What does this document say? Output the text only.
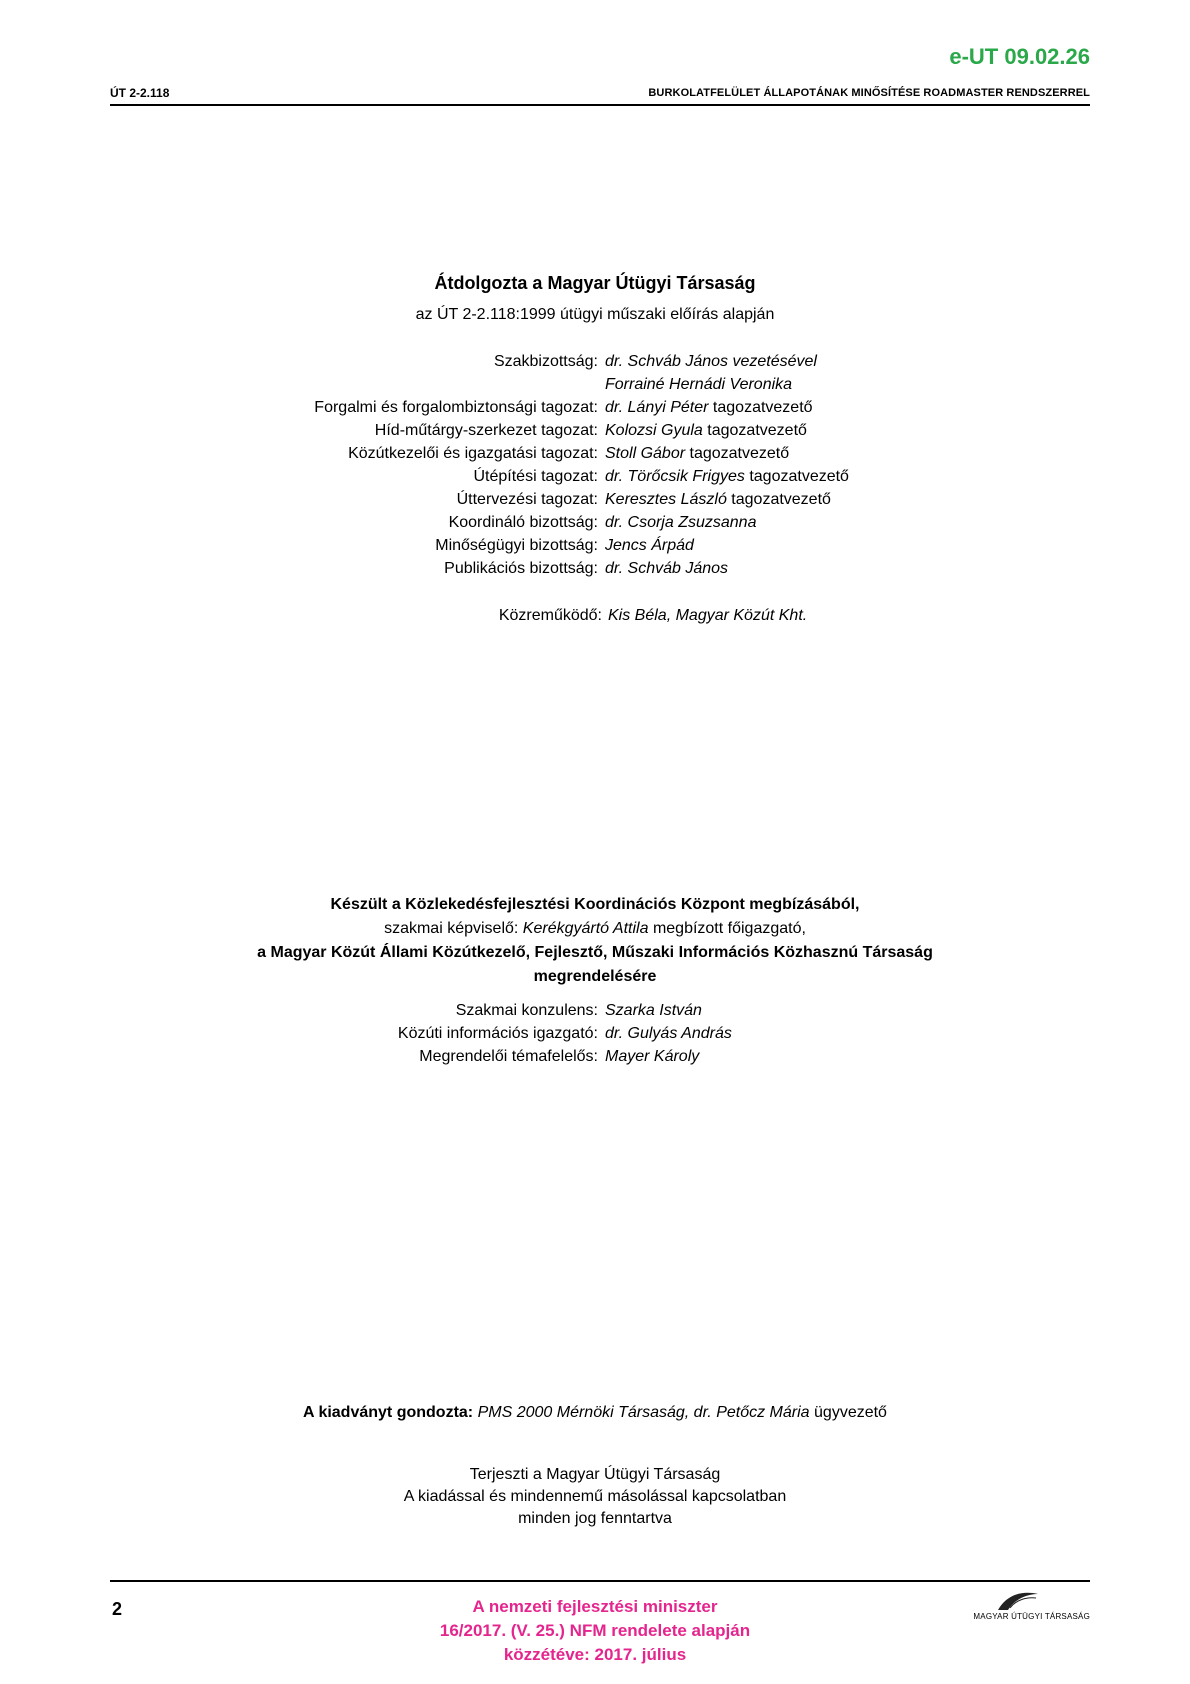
e-UT 09.02.26
ÚT 2-2.118	BURKOLATFELÜLET ÁLLAPOTÁNAK MINŐSÍTÉSE ROADMASTER RENDSZERREL
Átdolgozta a Magyar Útügyi Társaság
az ÚT 2-2.118:1999 útügyi műszaki előírás alapján
Szakbizottság: dr. Schváb János vezetésével
Forrainé Hernádi Veronika
Forgalmi és forgalombiztonsági tagozat: dr. Lányi Péter tagozatvezető
Híd-műtárgy-szerkezet tagozat: Kolozsi Gyula tagozatvezető
Közútkezelői és igazgatási tagozat: Stoll Gábor tagozatvezető
Útépítési tagozat: dr. Törőcsik Frigyes tagozatvezető
Úttervezési tagozat: Keresztes László tagozatvezető
Koordináló bizottság: dr. Csorja Zsuzsanna
Minőségügyi bizottság: Jencs Árpád
Publikációs bizottság: dr. Schváb János
Közreműködő: Kis Béla, Magyar Közút Kht.
Készült a Közlekedésfejlesztési Koordinációs Központ megbízásából,
szakmai képviselő: Kerékgyártó Attila megbízott főigazgató,
a Magyar Közút Állami Közútkezelő, Fejlesztő, Műszaki Információs Közhasznú Társaság
megrendelésére
Szakmai konzulens: Szarka István
Közúti információs igazgató: dr. Gulyás András
Megrendelői témafelelős: Mayer Károly
A kiadványt gondozta: PMS 2000 Mérnöki Társaság, dr. Petőcz Mária ügyvezető
Terjeszti a Magyar Útügyi Társaság
A kiadással és mindennemű másolással kapcsolatban
minden jog fenntartva
2	A nemzeti fejlesztési miniszter
16/2017. (V. 25.) NFM rendelete alapján
közzétéve: 2017. július
MAGYAR ÚTÜGYI TÁRSASÁG
